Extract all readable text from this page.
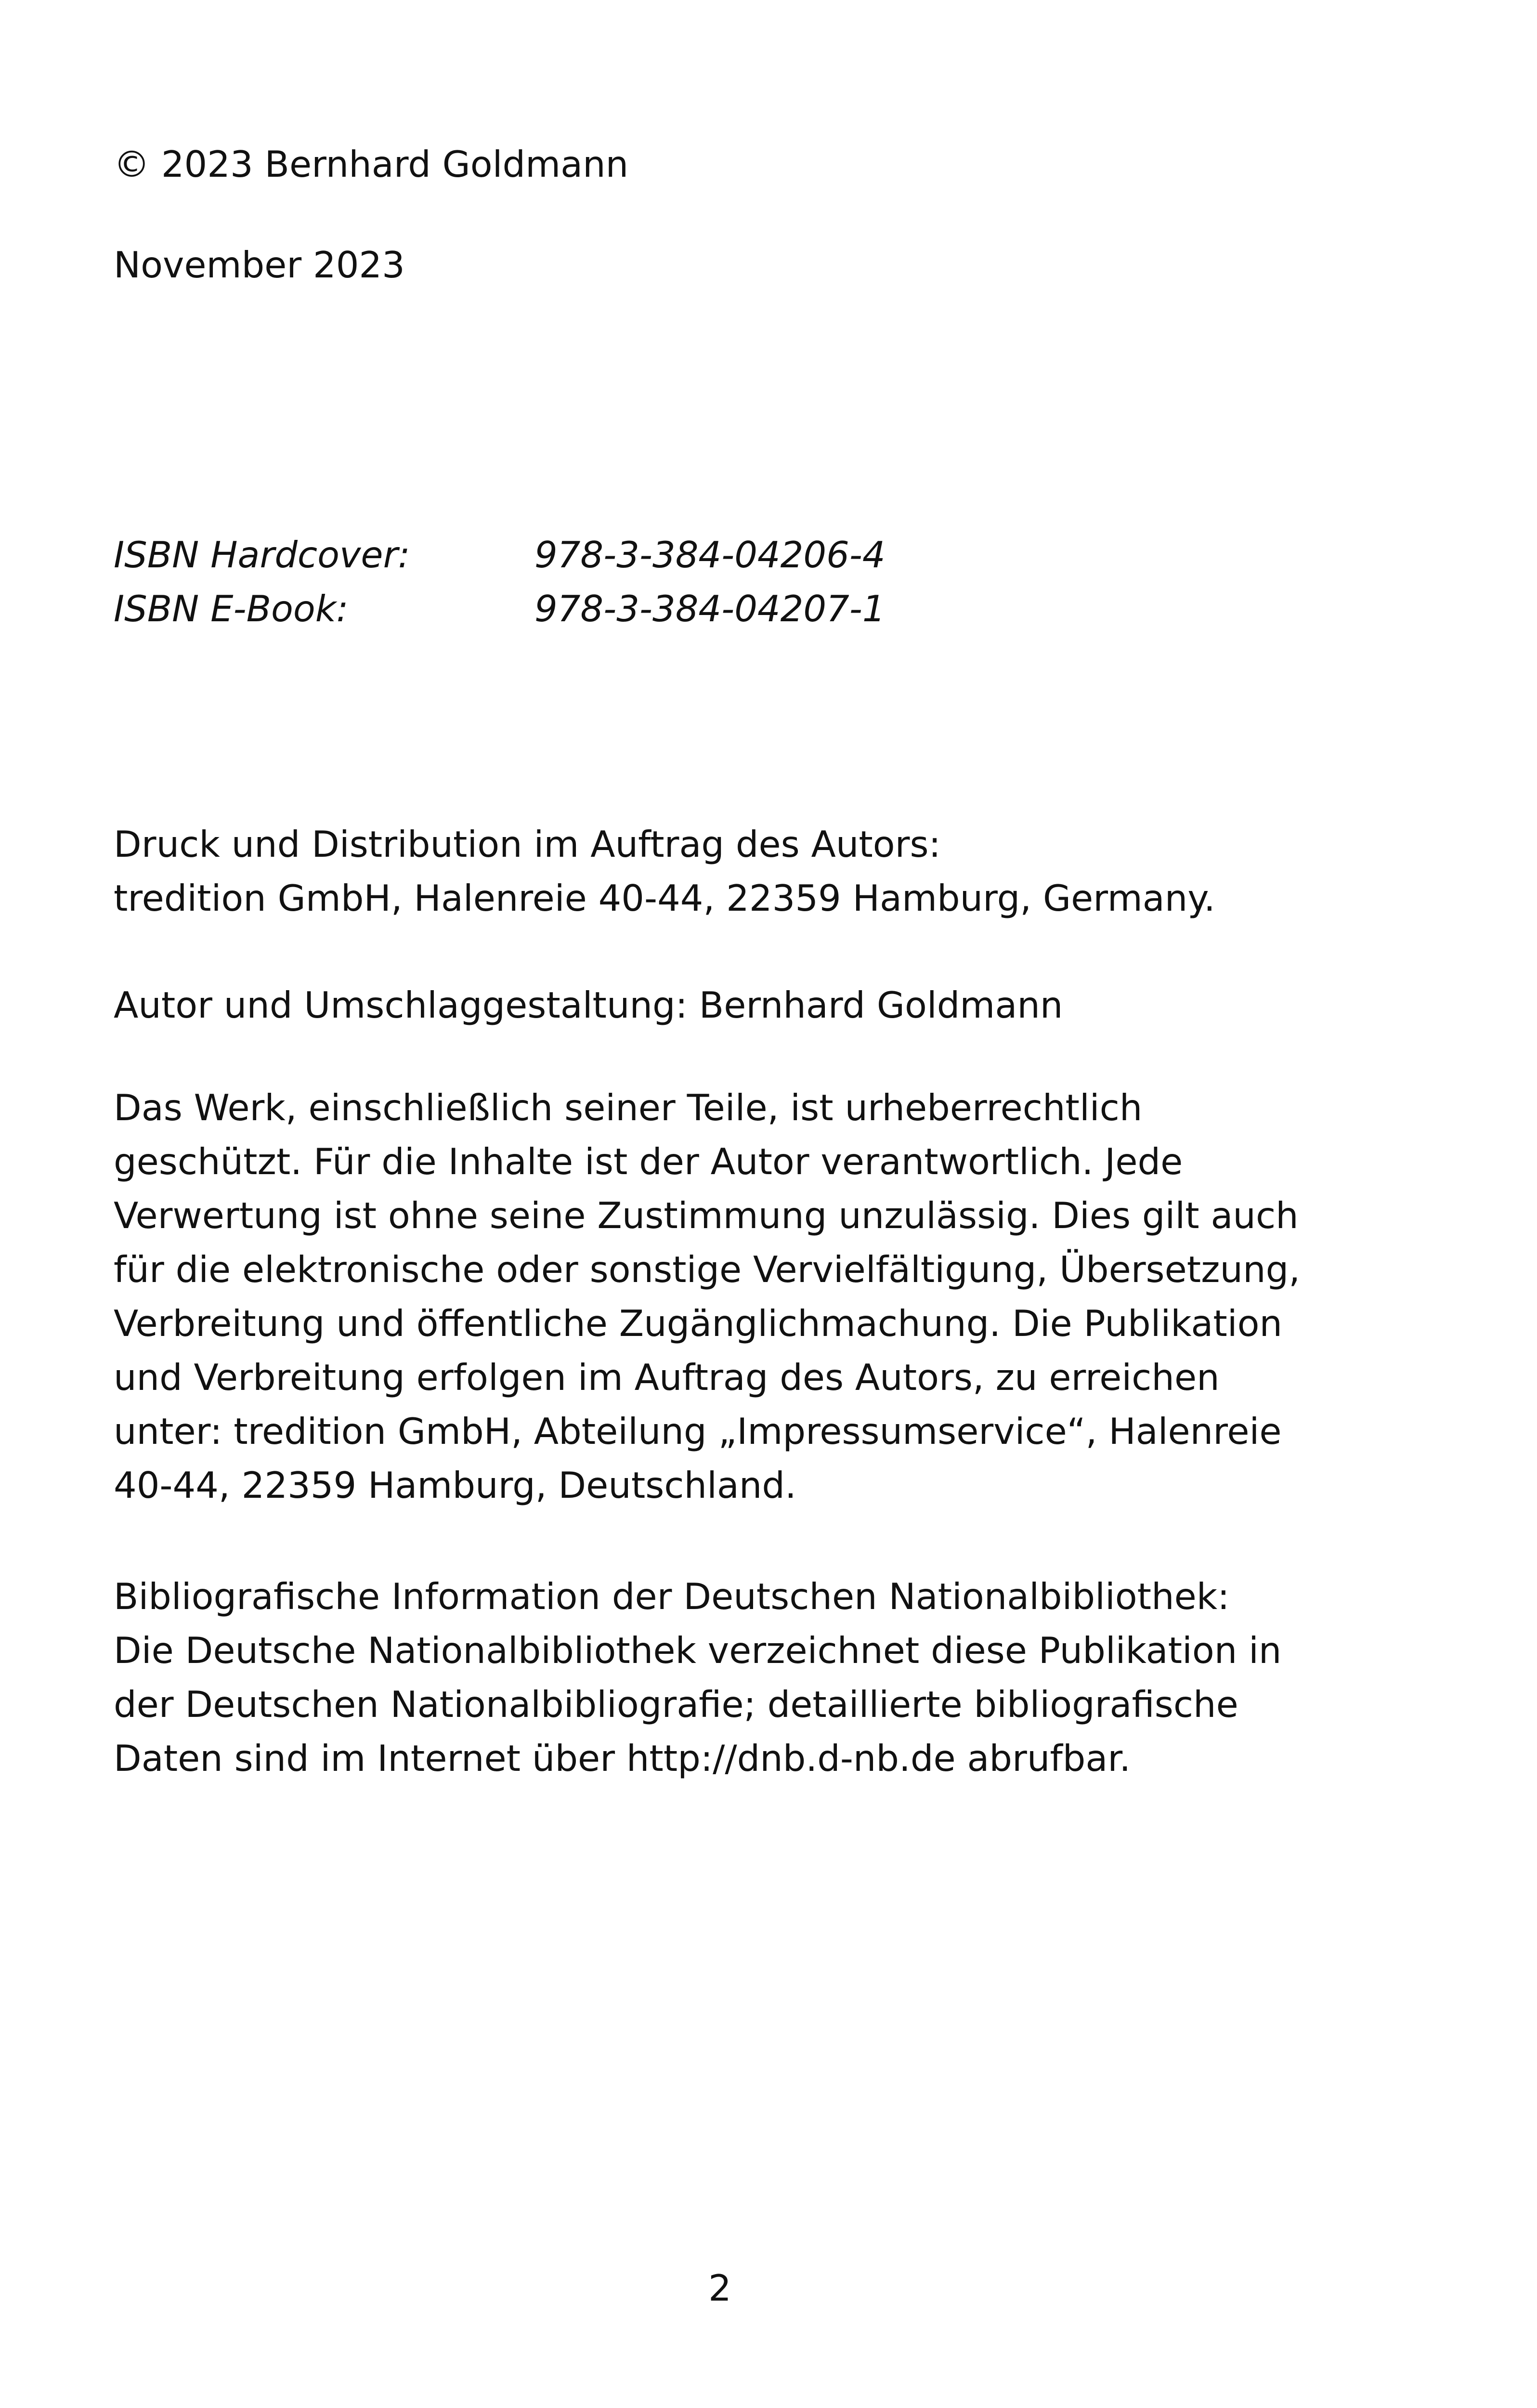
© 2023 Bernhard Goldmann

November 2023

ISBN Hardcover:	978-3-384-04206-4
ISBN E-Book:	978-3-384-04207-1

Druck und Distribution im Auftrag des Autors:

tredition GmbH, Halenreie 40-44, 22359 Hamburg, Germany.

Autor und Umschlaggestaltung: Bernhard Goldmann

Das Werk, einschließlich seiner Teile, ist urheberrechtlich

geschützt. Für die Inhalte ist der Autor verantwortlich. Jede

Verwertung ist ohne seine Zustimmung unzulässig. Dies gilt auch

für die elektronische oder sonstige Vervielfältigung, Übersetzung,

Verbreitung und öffentliche Zugänglichmachung. Die Publikation

und Verbreitung erfolgen im Auftrag des Autors, zu erreichen

unter: tredition GmbH, Abteilung „Impressumservice“, Halenreie

40-44, 22359 Hamburg, Deutschland.

Bibliografische Information der Deutschen Nationalbibliothek:

Die Deutsche Nationalbibliothek verzeichnet diese Publikation in

der Deutschen Nationalbibliografie; detaillierte bibliografische

Daten sind im Internet über http://dnb.d-nb.de abrufbar.

2
